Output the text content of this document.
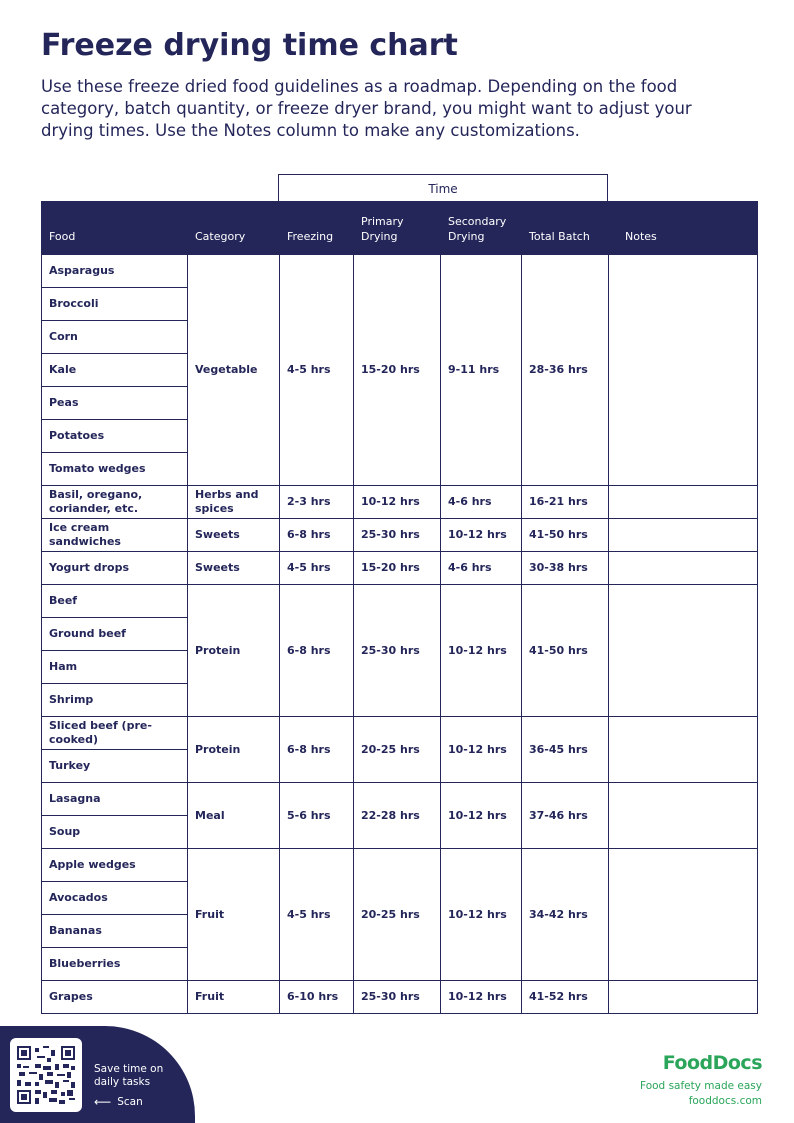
Freeze drying time chart
Use these freeze dried food guidelines as a roadmap. Depending on the food category, batch quantity, or freeze dryer brand, you might want to adjust your drying times. Use the Notes column to make any customizations.
Time
Food	Category	Freezing	Primary Drying	Secondary Drying	Total Batch	Notes
Asparagus	Vegetable	4-5 hrs	15-20 hrs	9-11 hrs	28-36 hrs	
Broccoli						
Corn						
Kale						
Peas						
Potatoes						
Tomato wedges						
Basil, oregano, coriander, etc.	Herbs and spices	2-3 hrs	10-12 hrs	4-6 hrs	16-21 hrs	
Ice cream sandwiches	Sweets	6-8 hrs	25-30 hrs	10-12 hrs	41-50 hrs	
Yogurt drops	Sweets	4-5 hrs	15-20 hrs	4-6 hrs	30-38 hrs	
Beef	Protein	6-8 hrs	25-30 hrs	10-12 hrs	41-50 hrs	
Ground beef						
Ham						
Shrimp						
Sliced beef (pre-cooked)	Protein	6-8 hrs	20-25 hrs	10-12 hrs	36-45 hrs	
Turkey						
Lasagna	Meal	5-6 hrs	22-28 hrs	10-12 hrs	37-46 hrs	
Soup						
Apple wedges	Fruit	4-5 hrs	20-25 hrs	10-12 hrs	34-42 hrs	
Avocados						
Bananas						
Blueberries						
Grapes	Fruit	6-10 hrs	25-30 hrs	10-12 hrs	41-52 hrs	
Save time on daily tasks
⟵ Scan
FoodDocs
Food safety made easy
fooddocs.com
